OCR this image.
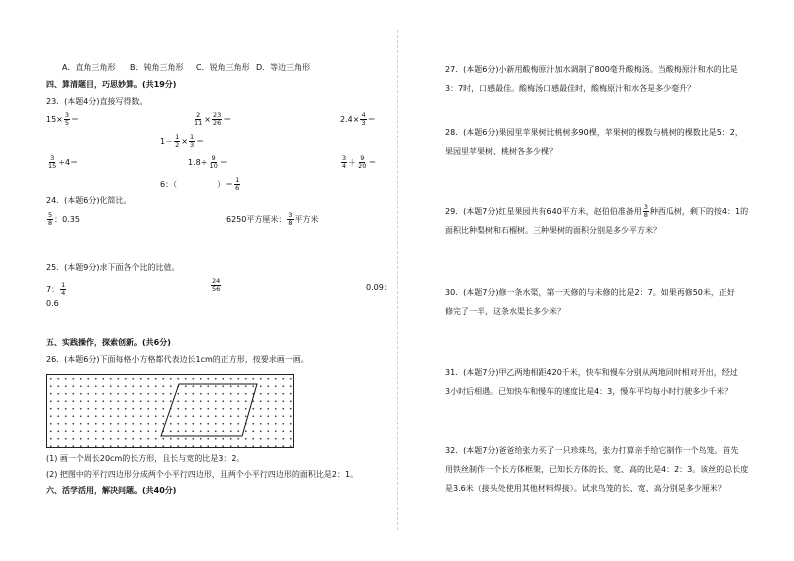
A．直角三角形 B．钝角三角形 C．锐角三角形 D．等边三角形
四、算清题目，巧思妙算。(共19分)
23．(本题4分)直接写得数。
$15\times \frac{3}{5}$ ＝	$\frac{2}{11} \times \frac{23}{26}$ ＝	$2.4\times \frac{4}{3}$ ＝
$1- \frac{1}{2} \times \frac{1}{3}$ ＝
$\frac{3}{15} \div 4=$	$1.8\div \frac{9}{10}$ ＝	$\frac{3}{4} + \frac{9}{20}$ ＝
6：（	）＝ $\frac{1}{6}$
24．(本题6分)化简比。
$\frac{5}{8}$ ：0.35	6250平方厘米： $\frac{3}{8}$ 平方米
25．(本题9分)求下面各个比的比值。
7： $\frac{1}{4}$	$\frac{24}{56}$	0.09：
0.6
五、实践操作，探索创新。(共6分)
26．(本题6分)下面每格小方格都代表边长1cm的正方形，按要求画一画。
(1) 画一个周长20cm的长方形，且长与宽的比是3：2。
(2) 把图中的平行四边形分成两个小平行四边形，且两个小平行四边形的面积比是2：1。
六、活学活用，解决问题。(共40分)
27．(本题6分)小新用酸梅原汁加水调制了800毫升酸梅汤。当酸梅原汁和水的比是
3：7时，口感最佳。酸梅汤口感最佳时，酸梅原汁和水各是多少毫升？
28．(本题6分)果园里苹果树比桃树多90棵，苹果树的棵数与桃树的棵数比是5：2，
果园里苹果树、桃树各多少棵？
29．(本题7分)红星果园共有640平方米，赵伯伯准备用 $\frac{3}{8}$ 种西瓜树，剩下的按4：1的
面积比种梨树和石榴树。三种果树的面积分别是多少平方米？
30．(本题7分)修一条水渠，第一天修的与未修的比是2：7。如果再修50米，正好
修完了一半，这条水渠长多少米？
31．(本题7分)甲乙两地相距420千米，快车和慢车分别从两地同时相对开出，经过
3小时后相遇。已知快车和慢车的速度比是4：3，慢车平均每小时行驶多少千米？
32．(本题7分)爸爸给张力买了一只珍珠鸟，张力打算亲手给它制作一个鸟笼。首先
用铁丝制作一个长方体框架，已知长方体的长、宽、高的比是4：2：3。该丝的总长度
是3.6米（接头处使用其他材料焊接）。试求鸟笼的长、宽、高分别是多少厘米？
